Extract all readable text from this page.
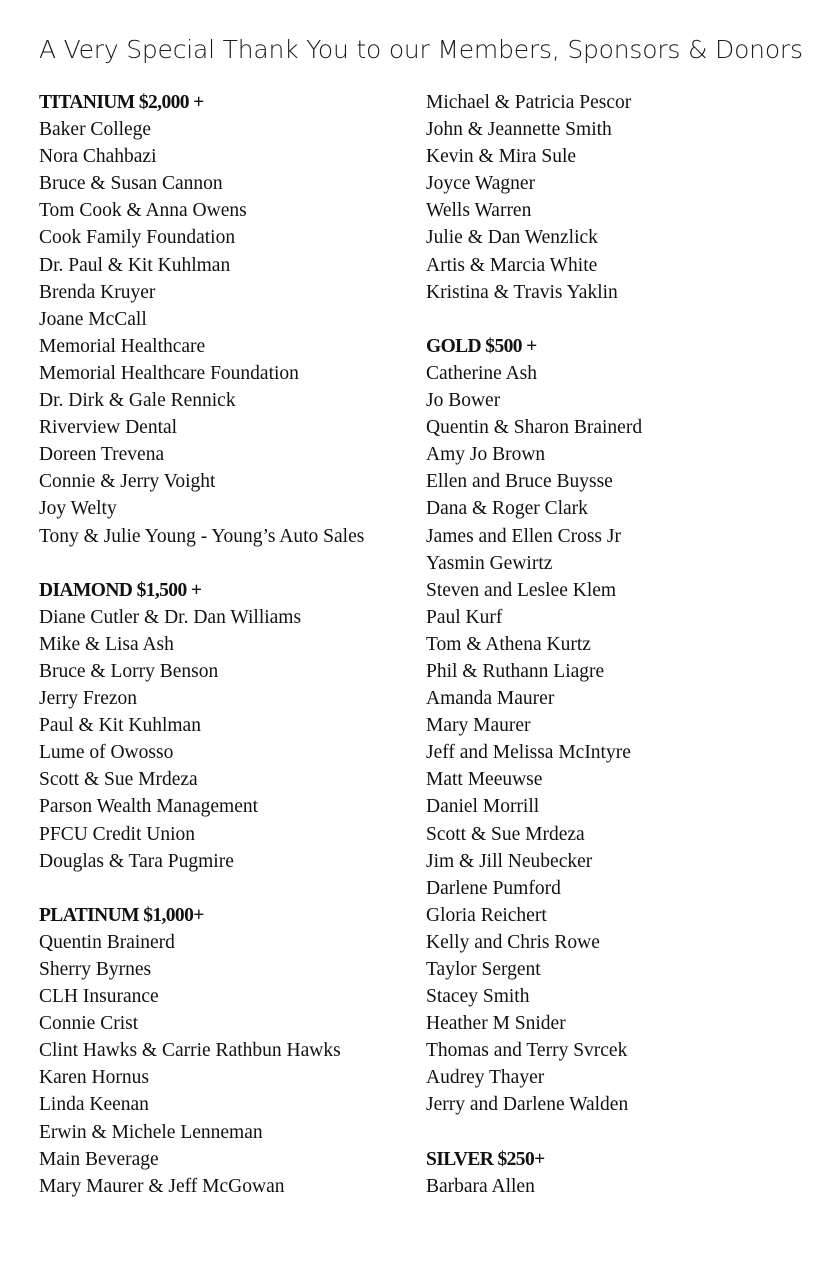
A Very Special Thank You to our Members, Sponsors & Donors
TITANIUM $2,000 +
Baker College
Nora Chahbazi
Bruce & Susan Cannon
Tom Cook & Anna Owens
Cook Family Foundation
Dr. Paul & Kit Kuhlman
Brenda Kruyer
Joane McCall
Memorial Healthcare
Memorial Healthcare Foundation
Dr. Dirk & Gale Rennick
Riverview Dental
Doreen Trevena
Connie & Jerry Voight
Joy Welty
Tony & Julie Young - Young’s Auto Sales
DIAMOND $1,500 +
Diane Cutler & Dr. Dan Williams
Mike & Lisa Ash
Bruce & Lorry Benson
Jerry Frezon
Paul & Kit Kuhlman
Lume of Owosso
Scott & Sue Mrdeza
Parson Wealth Management
PFCU Credit Union
Douglas & Tara Pugmire
PLATINUM $1,000+
Quentin Brainerd
Sherry Byrnes
CLH Insurance
Connie Crist
Clint Hawks & Carrie Rathbun Hawks
Karen Hornus
Linda Keenan
Erwin & Michele Lenneman
Main Beverage
Mary Maurer & Jeff McGowan
Michael & Patricia Pescor
John & Jeannette Smith
Kevin & Mira Sule
Joyce Wagner
Wells Warren
Julie & Dan Wenzlick
Artis & Marcia White
Kristina & Travis Yaklin
GOLD $500 +
Catherine Ash
Jo Bower
Quentin & Sharon Brainerd
Amy Jo Brown
Ellen and Bruce Buysse
Dana & Roger Clark
James and Ellen Cross Jr
Yasmin Gewirtz
Steven and Leslee Klem
Paul Kurf
Tom & Athena Kurtz
Phil & Ruthann Liagre
Amanda Maurer
Mary Maurer
Jeff and Melissa McIntyre
Matt Meeuwse
Daniel Morrill
Scott & Sue Mrdeza
Jim & Jill Neubecker
Darlene Pumford
Gloria Reichert
Kelly and Chris Rowe
Taylor Sergent
Stacey Smith
Heather M Snider
Thomas and Terry Svrcek
Audrey Thayer
Jerry and Darlene Walden
SILVER $250+
Barbara Allen
